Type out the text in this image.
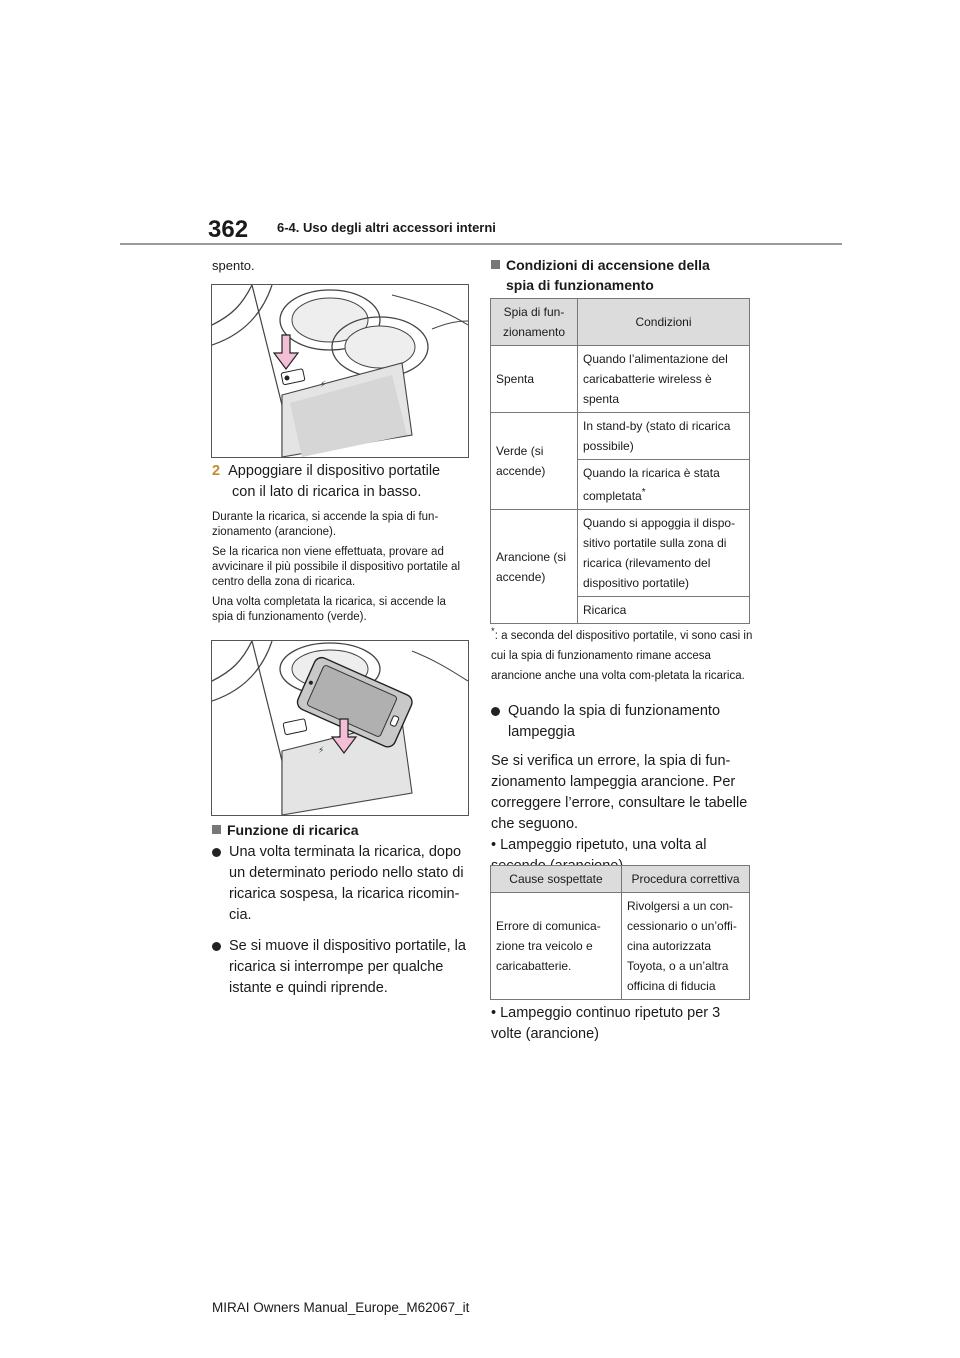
362 6-4. Uso degli altri accessori interni
spento.
⚡
2 Appoggiare il dispositivo portatile
con il lato di ricarica in basso.

Durante la ricarica, si accende la spia di fun-zionamento (arancione).

Se la ricarica non viene effettuata, provare ad avvicinare il più possibile il dispositivo portatile al centro della zona di ricarica.

Una volta completata la ricarica, si accende la spia di funzionamento (verde).

⚡
Funzione di ricarica
Una volta terminata la ricarica, dopo un determinato periodo nello stato di ricarica sospesa, la ricarica ricomin-cia.
Se si muove il dispositivo portatile, la ricarica si interrompe per qualche istante e quindi riprende.
Condizioni di accensione della
spia di funzionamento
Spia di fun-zionamento	Condizioni
Spenta	Quando l’alimentazione del caricabatterie wireless è spenta
Verde (si accende)	In stand-by (stato di ricarica possibile)
	Quando la ricarica è stata completata*
Arancione (si accende)	Quando si appoggia il dispo-sitivo portatile sulla zona di ricarica (rilevamento del dispositivo portatile)
	Ricarica
*: a seconda del dispositivo portatile, vi sono casi in cui la spia di funzionamento rimane accesa arancione anche una volta com-pletata la ricarica.
Quando la spia di funzionamento lampeggia

Se si verifica un errore, la spia di fun-zionamento lampeggia arancione. Per correggere l’errore, consultare le tabelle che seguono.

• Lampeggio ripetuto, una volta al

Cause sospettate	Procedura correttiva
Errore di comunica-zione tra veicolo e caricabatterie.	Rivolgersi a un con-cessionario o un’offi-cina autorizzata Toyota, o a un’altra officina di fiducia
• Lampeggio continuo ripetuto per 3 volte (arancione)
MIRAI Owners Manual_Europe_M62067_it
